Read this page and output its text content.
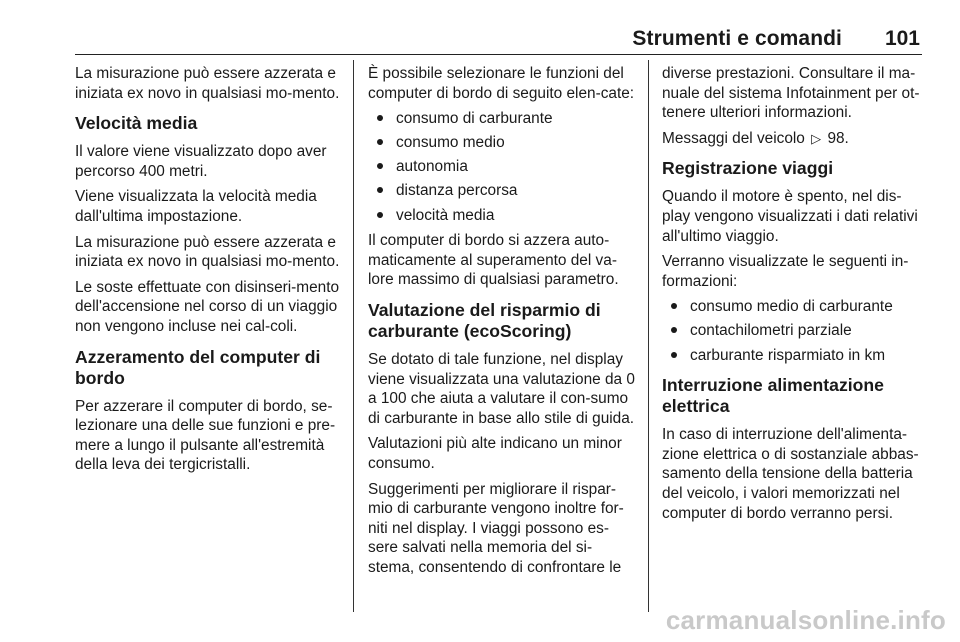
Strumenti e comandi 101

La misurazione può essere azzerata e iniziata ex novo in qualsiasi mo-mento.

Velocità media

Il valore viene visualizzato dopo aver percorso 400 metri.

Viene visualizzata la velocità media dall'ultima impostazione.

La misurazione può essere azzerata e iniziata ex novo in qualsiasi mo-mento.

Le soste effettuate con disinseri-mento dell'accensione nel corso di un viaggio non vengono incluse nei cal-coli.

Azzeramento del computer di bordo

Per azzerare il computer di bordo, se-lezionare una delle sue funzioni e pre-mere a lungo il pulsante all'estremità della leva dei tergicristalli.

È possibile selezionare le funzioni del computer di bordo di seguito elen-cate:

consumo di carburante
consumo medio
autonomia
distanza percorsa
velocità media

Il computer di bordo si azzera auto-maticamente al superamento del va-lore massimo di qualsiasi parametro.

Valutazione del risparmio di carburante (ecoScoring)

Se dotato di tale funzione, nel display viene visualizzata una valutazione da 0 a 100 che aiuta a valutare il con-sumo di carburante in base allo stile di guida.

Valutazioni più alte indicano un minor consumo.

Suggerimenti per migliorare il rispar-mio di carburante vengono inoltre for-niti nel display. I viaggi possono es-sere salvati nella memoria del si-stema, consentendo di confrontare le

diverse prestazioni. Consultare il ma-nuale del sistema Infotainment per ot-tenere ulteriori informazioni.

Messaggi del veicolo ▷ 98.

Registrazione viaggi

Quando il motore è spento, nel dis-play vengono visualizzati i dati relativi all'ultimo viaggio.

Verranno visualizzate le seguenti in-formazioni:

consumo medio di carburante
contachilometri parziale
carburante risparmiato in km
Interruzione alimentazione elettrica

In caso di interruzione dell'alimenta-zione elettrica o di sostanziale abbas-samento della tensione della batteria del veicolo, i valori memorizzati nel computer di bordo verranno persi.

carmanualsonline.info
